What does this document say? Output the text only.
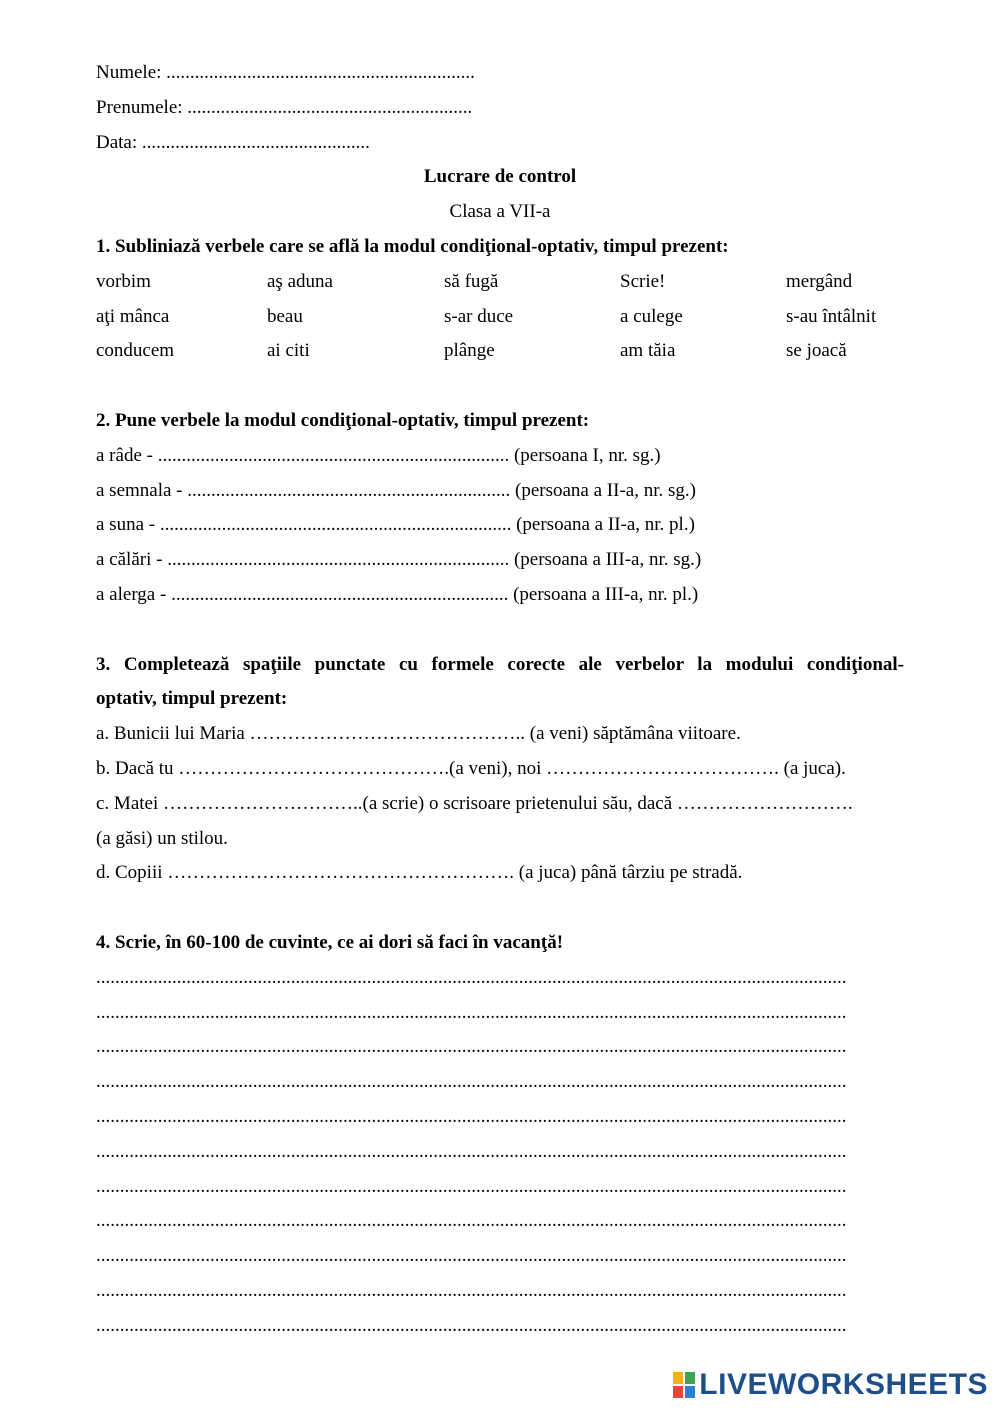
Numele: .................................................................
Prenumele: ............................................................
Data: ................................................
Lucrare de control
Clasa a VII-a
1. Subliniază verbele care se află la modul condiţional-optativ, timpul prezent:
vorbim	aş aduna	să fugă	Scrie!	mergând
aţi mânca	beau	s-ar duce	a culege	s-au întâlnit
conducem	ai citi	plânge	am tăia	se joacă
2. Pune verbele la modul condiţional-optativ, timpul prezent:
a râde - .......................................................................... (persoana I, nr. sg.)
a semnala - .................................................................... (persoana a II-a, nr. sg.)
a suna - .......................................................................... (persoana a II-a, nr. pl.)
a călări - ........................................................................ (persoana a III-a, nr. sg.)
a alerga - ....................................................................... (persoana a III-a, nr. pl.)
3. Completează spaţiile punctate cu formele corecte ale verbelor la modului condiţional-
optativ, timpul prezent:
a. Bunicii lui Maria …………………………………….. (a veni) săptămâna viitoare.
b. Dacă tu …………………………………….(a veni), noi ………………………………. (a juca).
c. Matei …………………………..(a scrie) o scrisoare prietenului său, dacă ……………………….
(a găsi) un stilou.
d. Copiii ………………………………………………. (a juca) până târziu pe stradă.
4. Scrie, în 60-100 de cuvinte, ce ai dori să faci în vacanţă!
..............................................................................................................................................................
..............................................................................................................................................................
..............................................................................................................................................................
..............................................................................................................................................................
..............................................................................................................................................................
..............................................................................................................................................................
..............................................................................................................................................................
..............................................................................................................................................................
..............................................................................................................................................................
..............................................................................................................................................................
..............................................................................................................................................................
LIVEWORKSHEETS
